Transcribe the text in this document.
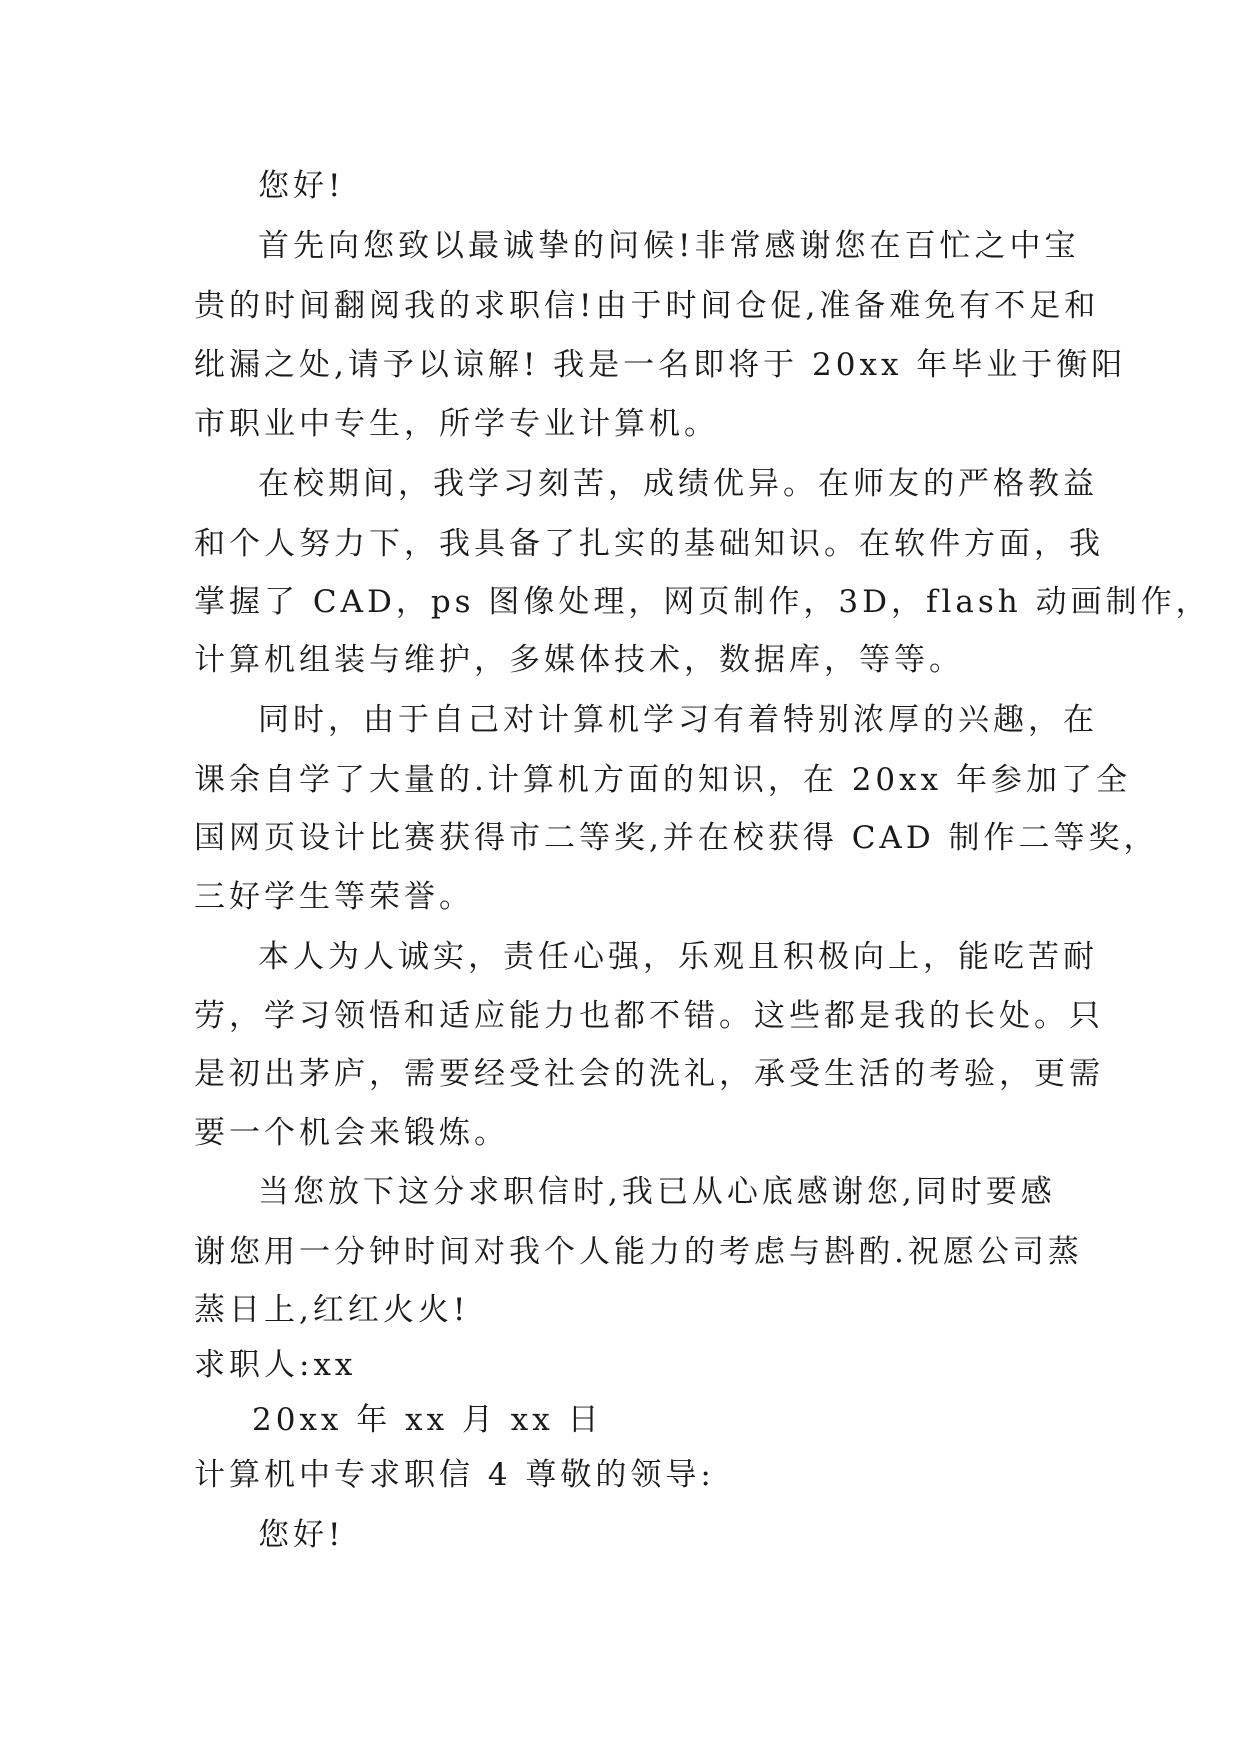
您好!
首先向您致以最诚挚的问候!非常感谢您在百忙之中宝
贵的时间翻阅我的求职信!由于时间仓促,准备难免有不足和
纰漏之处,请予以谅解! 我是一名即将于 20xx 年毕业于衡阳
市职业中专生，所学专业计算机。
在校期间，我学习刻苦，成绩优异。在师友的严格教益
和个人努力下，我具备了扎实的基础知识。在软件方面，我
掌握了 CAD，ps 图像处理，网页制作，3D，flash 动画制作，
计算机组装与维护，多媒体技术，数据库，等等。
同时，由于自己对计算机学习有着特别浓厚的兴趣，在
课余自学了大量的.计算机方面的知识，在 20xx 年参加了全
国网页设计比赛获得市二等奖,并在校获得 CAD 制作二等奖，
三好学生等荣誉。
本人为人诚实，责任心强，乐观且积极向上，能吃苦耐
劳，学习领悟和适应能力也都不错。这些都是我的长处。只
是初出茅庐，需要经受社会的洗礼，承受生活的考验，更需
要一个机会来锻炼。
当您放下这分求职信时,我已从心底感谢您,同时要感
谢您用一分钟时间对我个人能力的考虑与斟酌.祝愿公司蒸
蒸日上,红红火火!
求职人:xx
20xx 年 xx 月 xx 日
计算机中专求职信 4 尊敬的领导:
您好!
